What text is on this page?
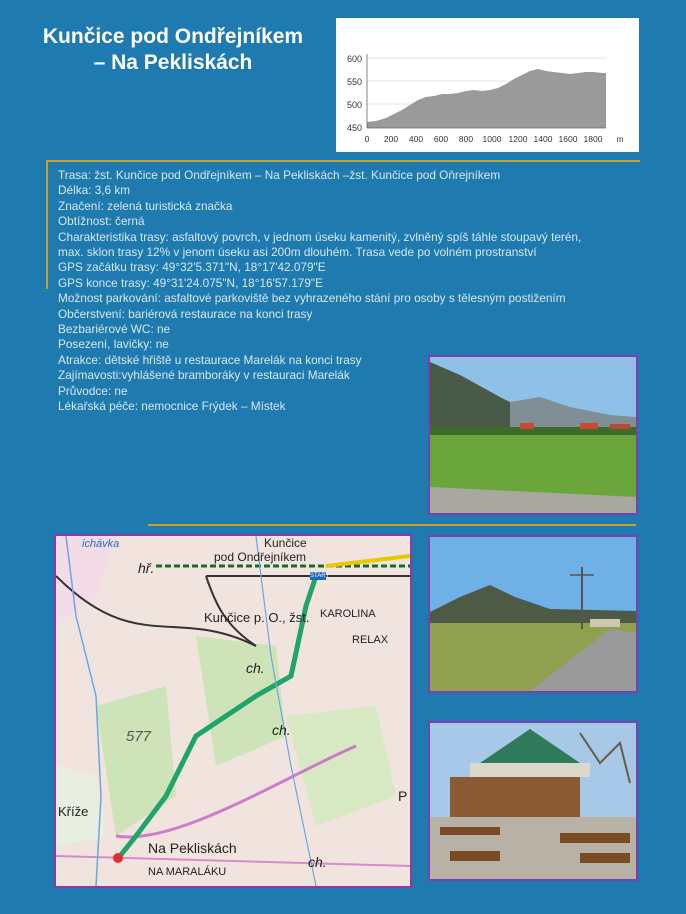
Kunčice pod Ondřejníkem
– Na Pekliskách	600
550
500
450
0 200 400 600 800 1000 1200 1400 1600 1800 m
Trasa: žst. Kunčice pod Ondřejníkem – Na Pekliskách –žst. Kunčice pod Oňrejníkem
Délka: 3,6 km
Značení: zelená turistická značka
Obtížnost: černá
Charakteristika trasy: asfaltový povrch, v jednom úseku kamenitý, zvlněný spíš táhle stoupavý terén,
max. sklon trasy 12% v jenom úseku asi 200m dlouhém. Trasa vede po volném prostranství
GPS začátku trasy: 49°32'5.371"N, 18°17'42.079"E
GPS konce trasy: 49°31'24.075"N, 18°16'57.179"E
Možnost parkování: asfaltové parkoviště bez vyhrazeného stání pro osoby s tělesným postižením
Občerstvení: bariérová restaurace na konci trasy
Bezbariérové WC: ne
Posezení, lavičky: ne
Atrakce: dětské hřiště u restaurace Marelák na konci trasy
Zajímavosti:vyhlášené bramboráky v restauraci Marelák
Průvodce: ne
Lékařská péče: nemocnice Frýdek – Místek
Kunčice
pod Ondřejníkem
Kunčice p. O., žst. KAROLINA
RELAX
hř.
ch.
ch.
ch.
577
Kříže
Na Pekliskách
NA MARALÁKU
ichávka
P
START
